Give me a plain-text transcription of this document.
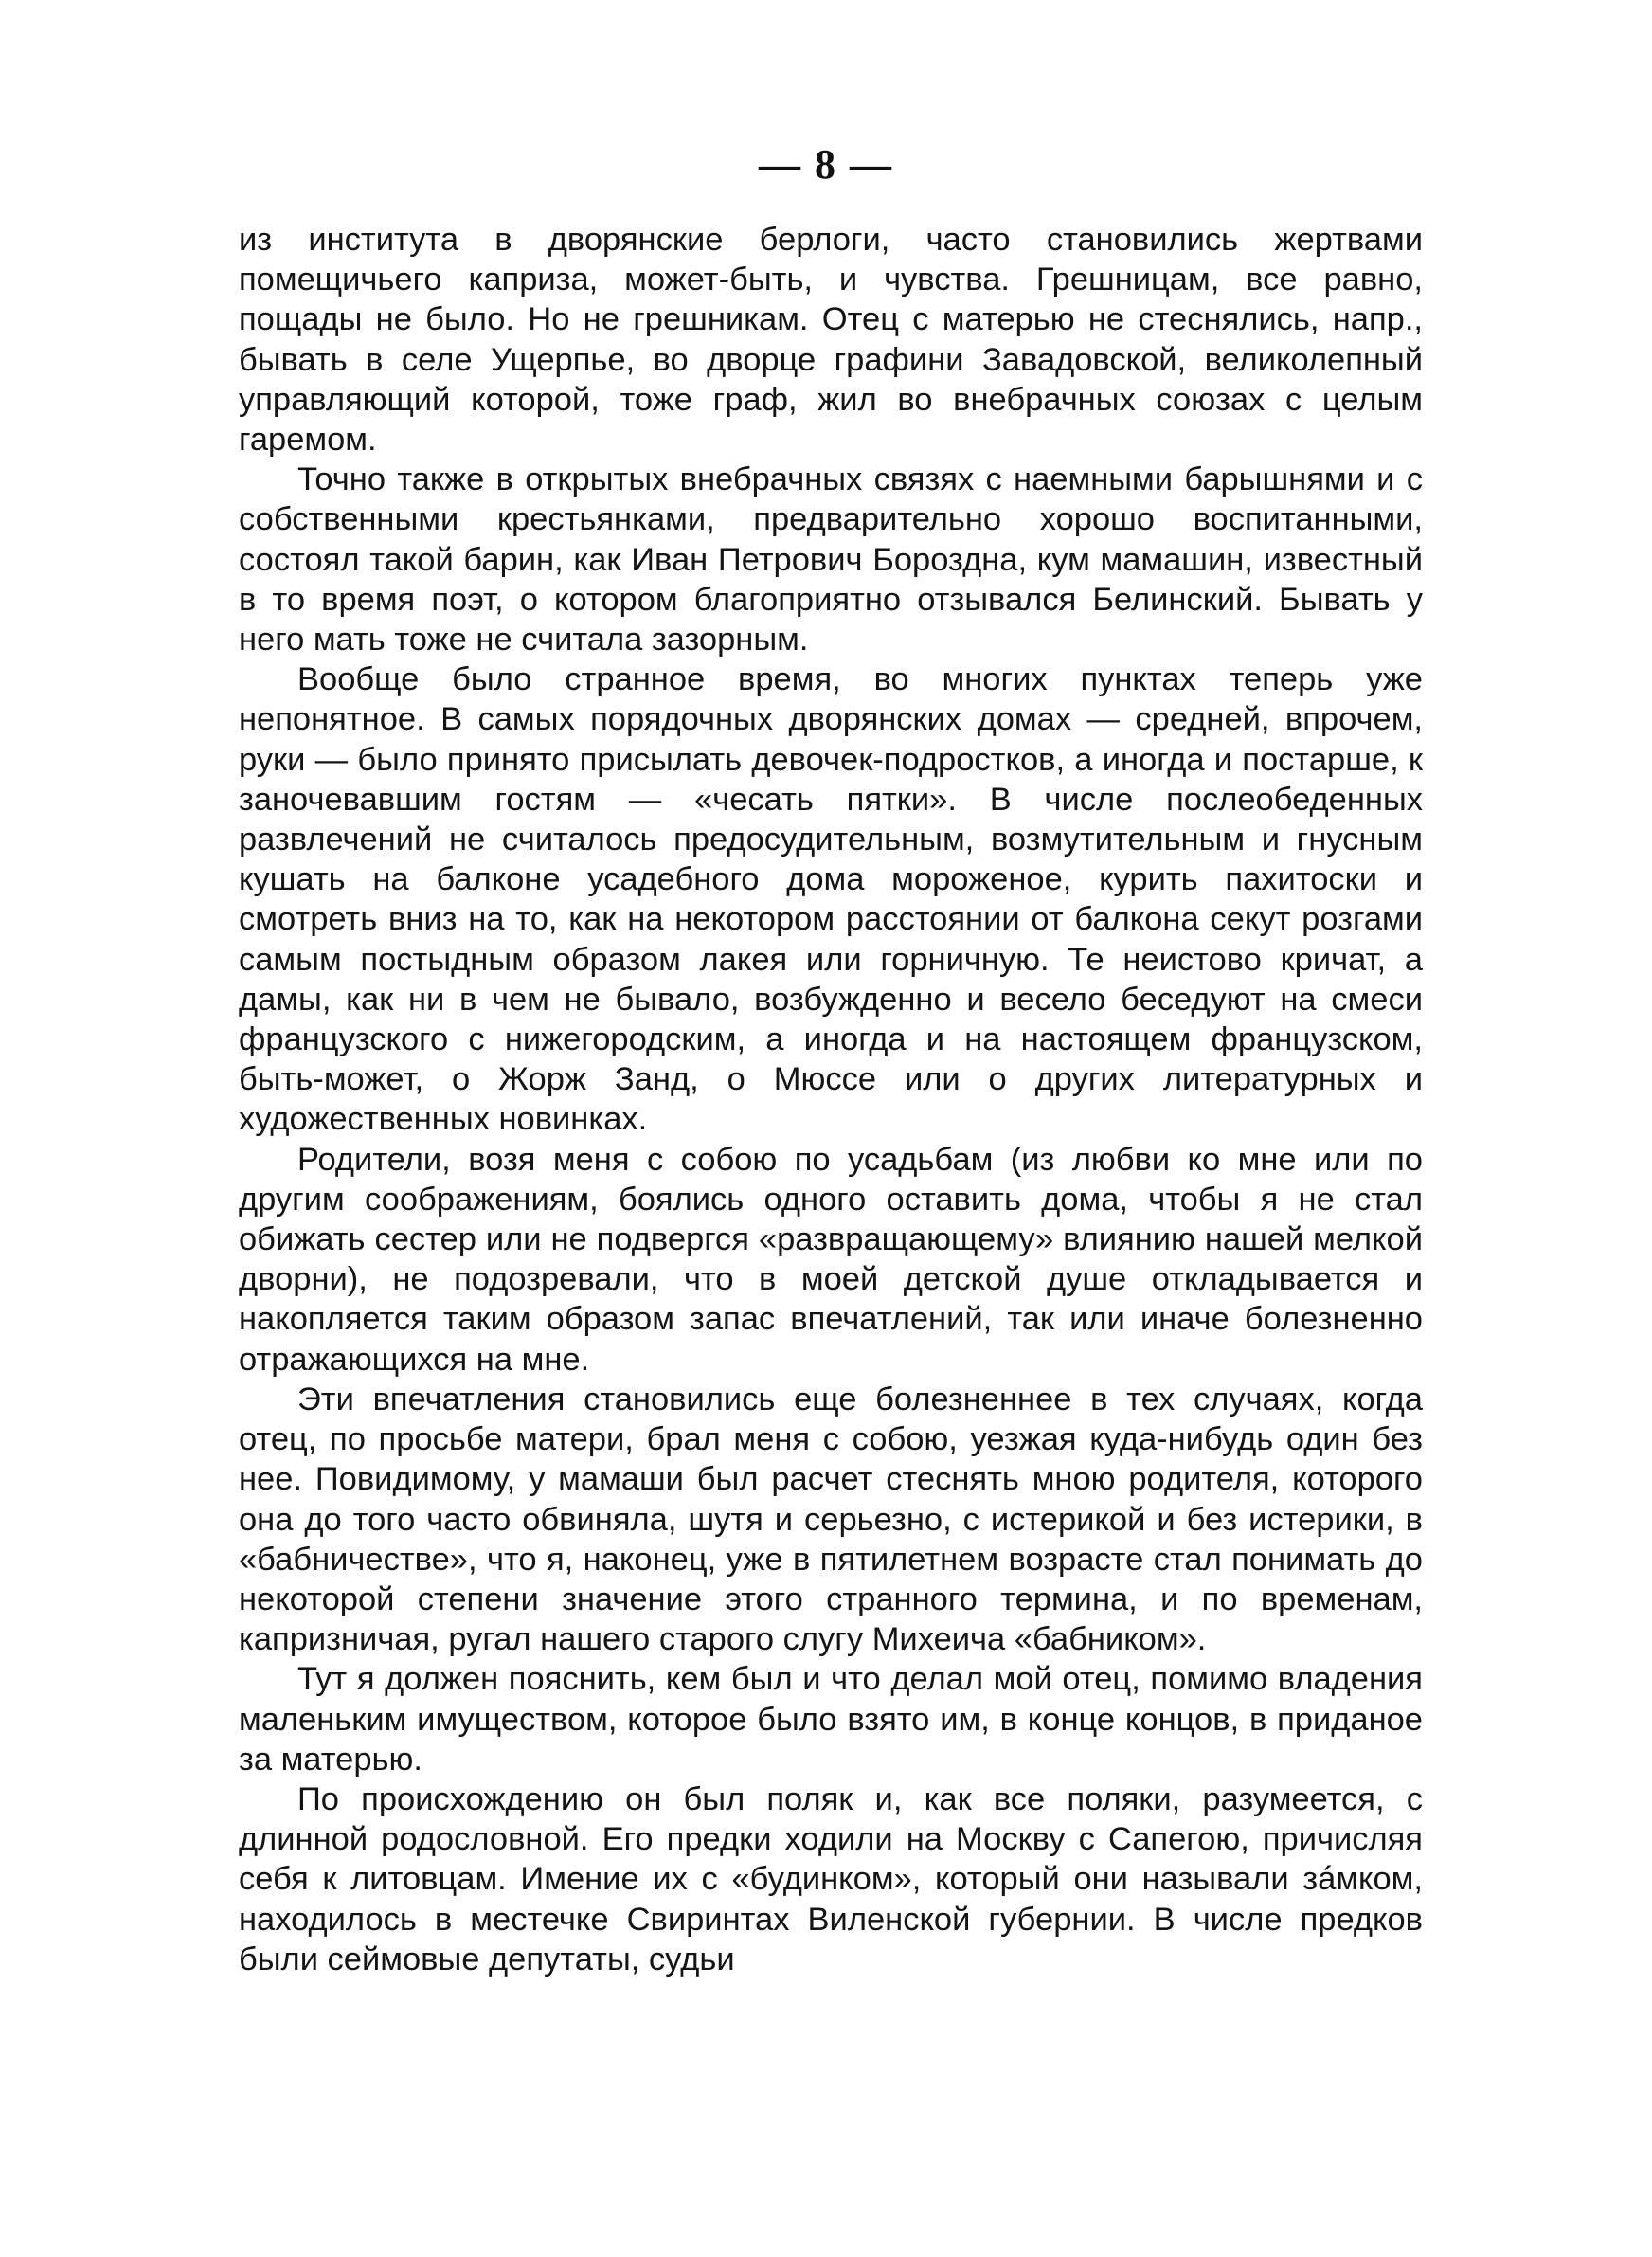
— 8 —

из института в дворянские берлоги, часто становились жертвами помещичьего каприза, может-быть, и чувства. Грешницам, все равно, пощады не было. Но не грешникам. Отец с матерью не стеснялись, напр., бывать в селе Ущерпье, во дворце графини Завадовской, великолепный управляющий которой, тоже граф, жил во внебрачных союзах с целым гаремом.

Точно также в открытых внебрачных связях с наемными барышнями и с собственными крестьянками, предварительно хорошо воспитанными, состоял такой барин, как Иван Петрович Бороздна, кум мамашин, известный в то время поэт, о котором благоприятно отзывался Белинский. Бывать у него мать тоже не считала зазорным.

Вообще было странное время, во многих пунктах теперь уже непонятное. В самых порядочных дворянских домах — средней, впрочем, руки — было принято присылать девочек-подростков, а иногда и постарше, к заночевавшим гостям — «чесать пятки». В числе послеобеденных развлечений не считалось предосудительным, возмутительным и гнусным кушать на балконе усадебного дома мороженое, курить пахитоски и смотреть вниз на то, как на некотором расстоянии от балкона секут розгами самым постыдным образом лакея или горничную. Те неистово кричат, а дамы, как ни в чем не бывало, возбужденно и весело беседуют на смеси французского с нижегородским, а иногда и на настоящем французском, быть-может, о Жорж Занд, о Мюссе или о других литературных и художественных новинках.

Родители, возя меня с собою по усадьбам (из любви ко мне или по другим соображениям, боялись одного оставить дома, чтобы я не стал обижать сестер или не подвергся «развращающему» влиянию нашей мелкой дворни), не подозревали, что в моей детской душе откладывается и накопляется таким образом запас впечатлений, так или иначе болезненно отражающихся на мне.

Эти впечатления становились еще болезненнее в тех случаях, когда отец, по просьбе матери, брал меня с собою, уезжая куда-нибудь один без нее. Повидимому, у мамаши был расчет стеснять мною родителя, которого она до того часто обвиняла, шутя и серьезно, с истерикой и без истерики, в «бабничестве», что я, наконец, уже в пятилетнем возрасте стал понимать до некоторой степени значение этого странного термина, и по временам, капризничая, ругал нашего старого слугу Михеича «бабником».

Тут я должен пояснить, кем был и что делал мой отец, помимо владения маленьким имуществом, которое было взято им, в конце концов, в приданое за матерью.

По происхождению он был поляк и, как все поляки, разумеется, с длинной родословной. Его предки ходили на Москву с Сапегою, причисляя себя к литовцам. Имение их с «будинком», который они называли зáмком, находилось в местечке Свиринтах Виленской губернии. В числе предков были сеймовые депутаты, судьи
